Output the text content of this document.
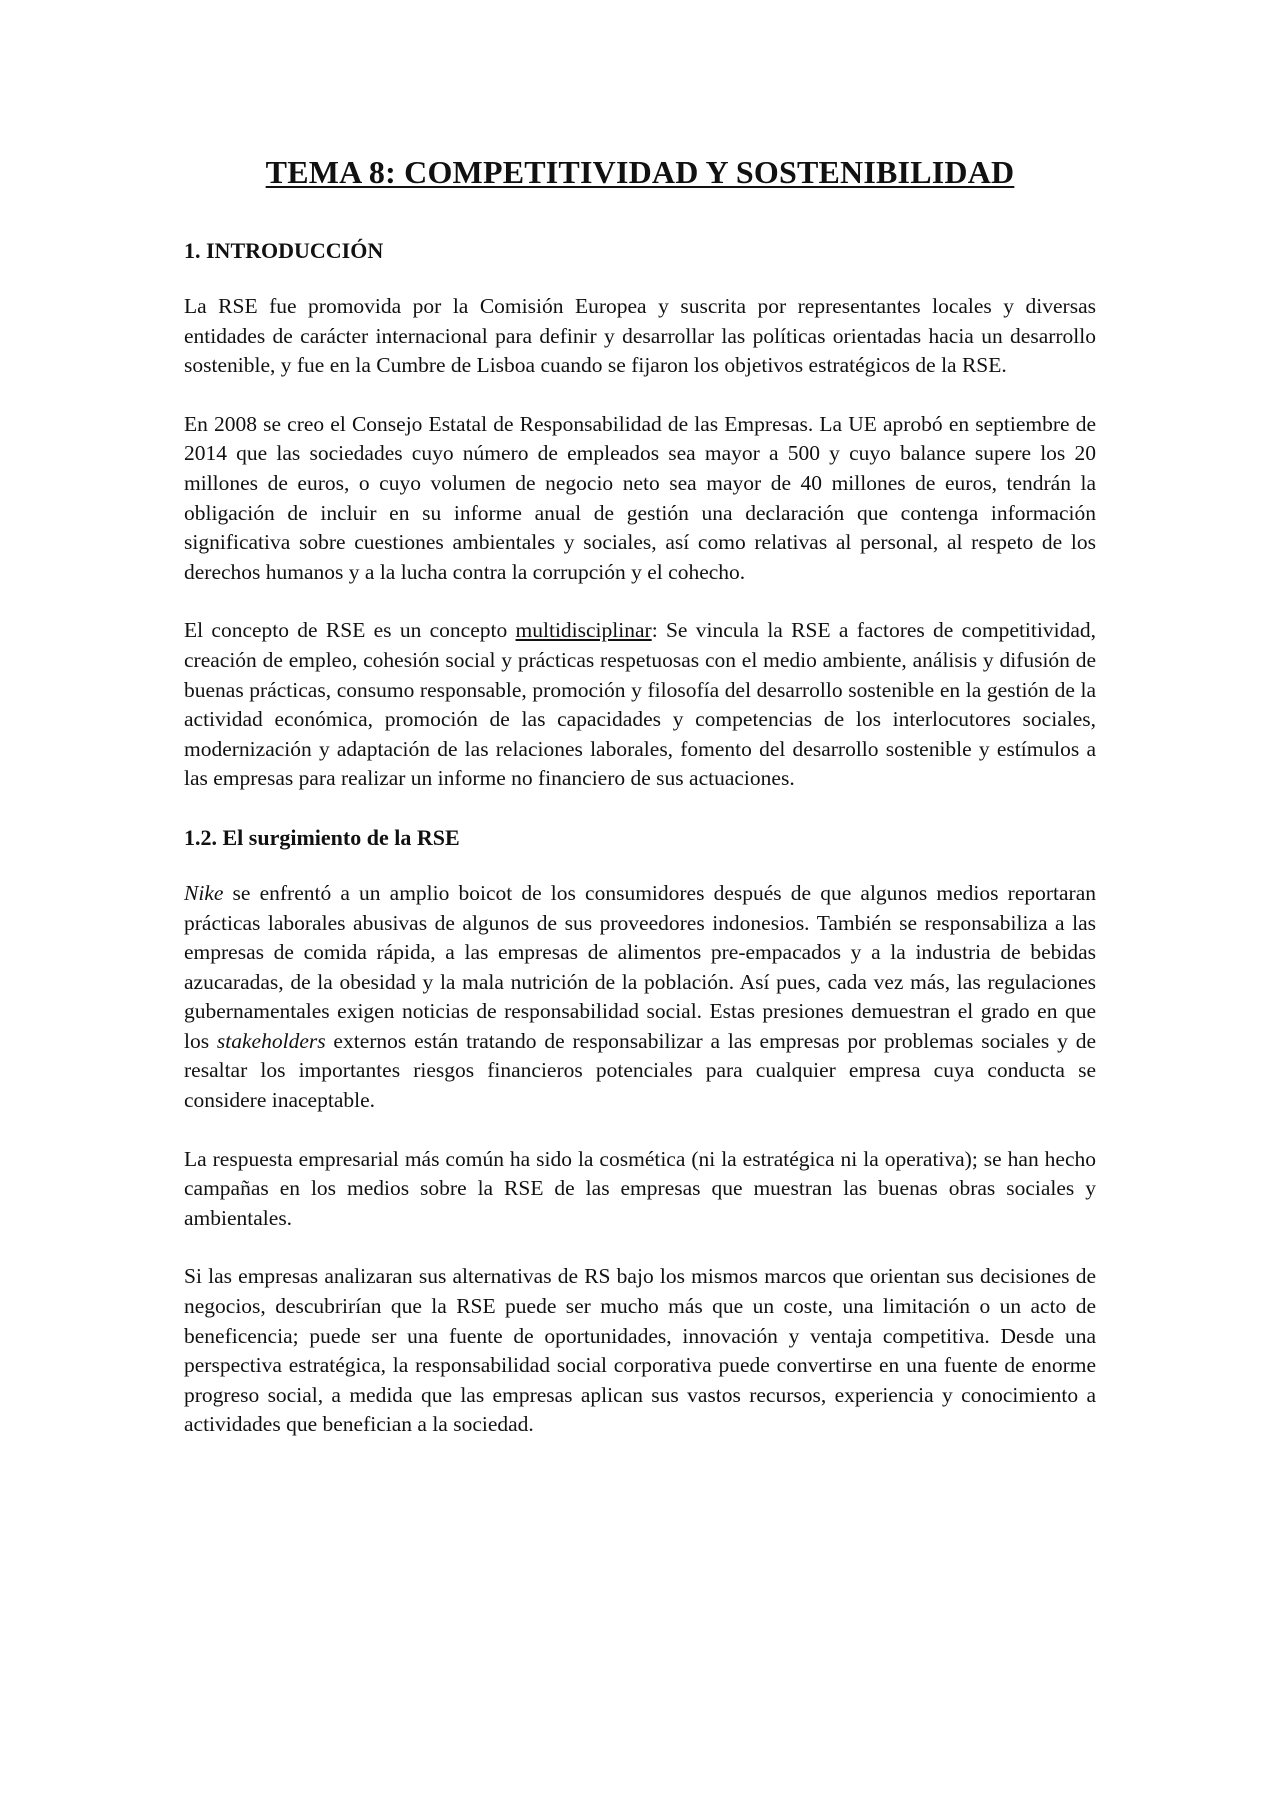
TEMA 8: COMPETITIVIDAD Y SOSTENIBILIDAD
1. INTRODUCCIÓN

La RSE fue promovida por la Comisión Europea y suscrita por representantes locales y diversas entidades de carácter internacional para definir y desarrollar las políticas orientadas hacia un desarrollo sostenible, y fue en la Cumbre de Lisboa cuando se fijaron los objetivos estratégicos de la RSE.

En 2008 se creo el Consejo Estatal de Responsabilidad de las Empresas. La UE aprobó en septiembre de 2014 que las sociedades cuyo número de empleados sea mayor a 500 y cuyo balance supere los 20 millones de euros, o cuyo volumen de negocio neto sea mayor de 40 millones de euros, tendrán la obligación de incluir en su informe anual de gestión una declaración que contenga información significativa sobre cuestiones ambientales y sociales, así como relativas al personal, al respeto de los derechos humanos y a la lucha contra la corrupción y el cohecho.

El concepto de RSE es un concepto multidisciplinar: Se vincula la RSE a factores de competitividad, creación de empleo, cohesión social y prácticas respetuosas con el medio ambiente, análisis y difusión de buenas prácticas, consumo responsable, promoción y filosofía del desarrollo sostenible en la gestión de la actividad económica, promoción de las capacidades y competencias de los interlocutores sociales, modernización y adaptación de las relaciones laborales, fomento del desarrollo sostenible y estímulos a las empresas para realizar un informe no financiero de sus actuaciones.

1.2. El surgimiento de la RSE

Nike se enfrentó a un amplio boicot de los consumidores después de que algunos medios reportaran prácticas laborales abusivas de algunos de sus proveedores indonesios. También se responsabiliza a las empresas de comida rápida, a las empresas de alimentos pre-empacados y a la industria de bebidas azucaradas, de la obesidad y la mala nutrición de la población. Así pues, cada vez más, las regulaciones gubernamentales exigen noticias de responsabilidad social. Estas presiones demuestran el grado en que los stakeholders externos están tratando de responsabilizar a las empresas por problemas sociales y de resaltar los importantes riesgos financieros potenciales para cualquier empresa cuya conducta se considere inaceptable.

La respuesta empresarial más común ha sido la cosmética (ni la estratégica ni la operativa); se han hecho campañas en los medios sobre la RSE de las empresas que muestran las buenas obras sociales y ambientales.

Si las empresas analizaran sus alternativas de RS bajo los mismos marcos que orientan sus decisiones de negocios, descubrirían que la RSE puede ser mucho más que un coste, una limitación o un acto de beneficencia; puede ser una fuente de oportunidades, innovación y ventaja competitiva. Desde una perspectiva estratégica, la responsabilidad social corporativa puede convertirse en una fuente de enorme progreso social, a medida que las empresas aplican sus vastos recursos, experiencia y conocimiento a actividades que benefician a la sociedad.
